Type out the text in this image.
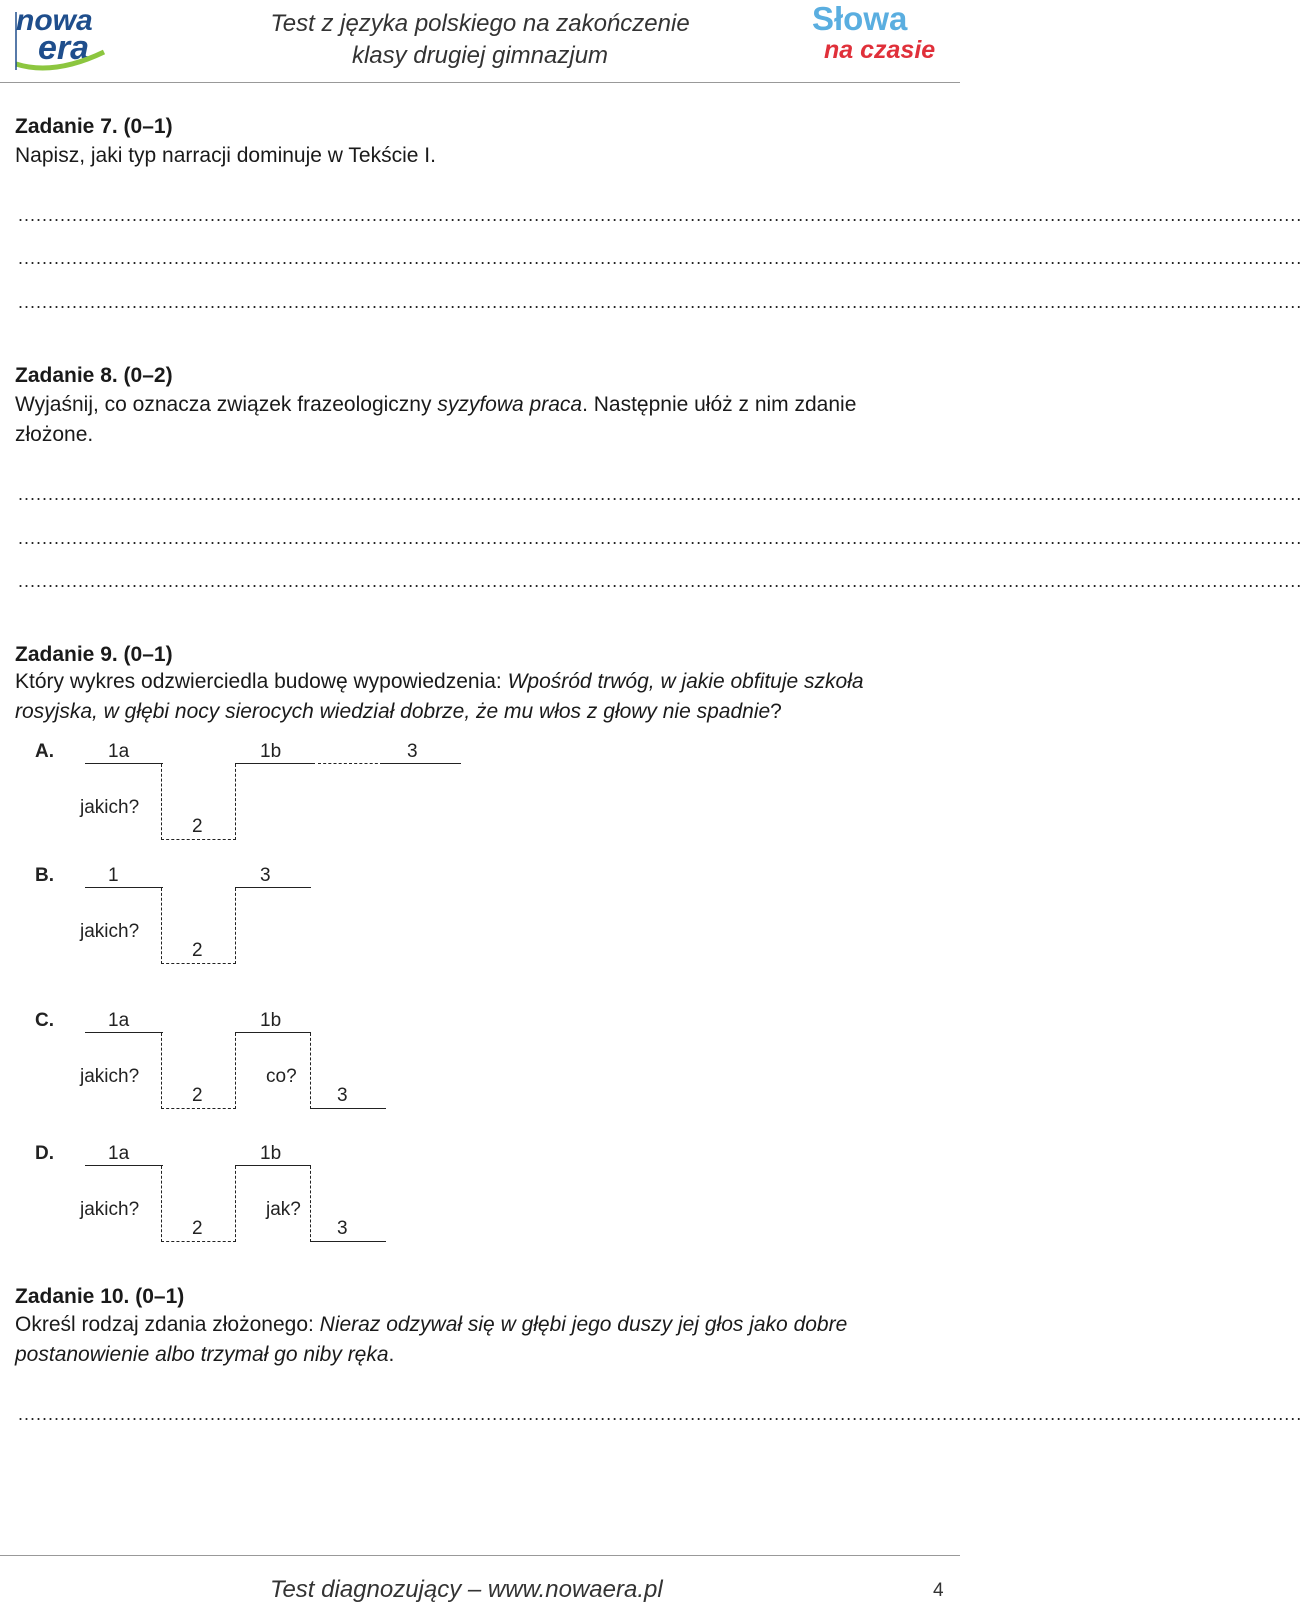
nowa
era
Test z języka polskiego na zakończenie
klasy drugiej gimnazjum
Słowa
na czasie
Zadanie 7. (0–1)
Napisz, jaki typ narracji dominuje w Tekście I.
......................................................................................................................................................................................................................
......................................................................................................................................................................................................................
......................................................................................................................................................................................................................
Zadanie 8. (0–2)
Wyjaśnij, co oznacza związek frazeologiczny syzyfowa praca. Następnie ułóż z nim zdanie złożone.
......................................................................................................................................................................................................................
......................................................................................................................................................................................................................
......................................................................................................................................................................................................................
Zadanie 9. (0–1)
Który wykres odzwierciedla budowę wypowiedzenia: Wpośród trwóg, w jakie obfituje szkoła rosyjska, w głębi nocy sierocych wiedział dobrze, że mu włos z głowy nie spadnie?
A.	1a	1b	3
jakich?
2
B.	1	3
jakich?
2
C.	1a	1b
jakich?
2
co?
3
D.	1a	1b
jakich?
2
jak?
3
Zadanie 10. (0–1)
Określ rodzaj zdania złożonego: Nieraz odzywał się w głębi jego duszy jej głos jako dobre postanowienie albo trzymał go niby ręka.
......................................................................................................................................................................................................................
Test diagnozujący – www.nowaera.pl	4
